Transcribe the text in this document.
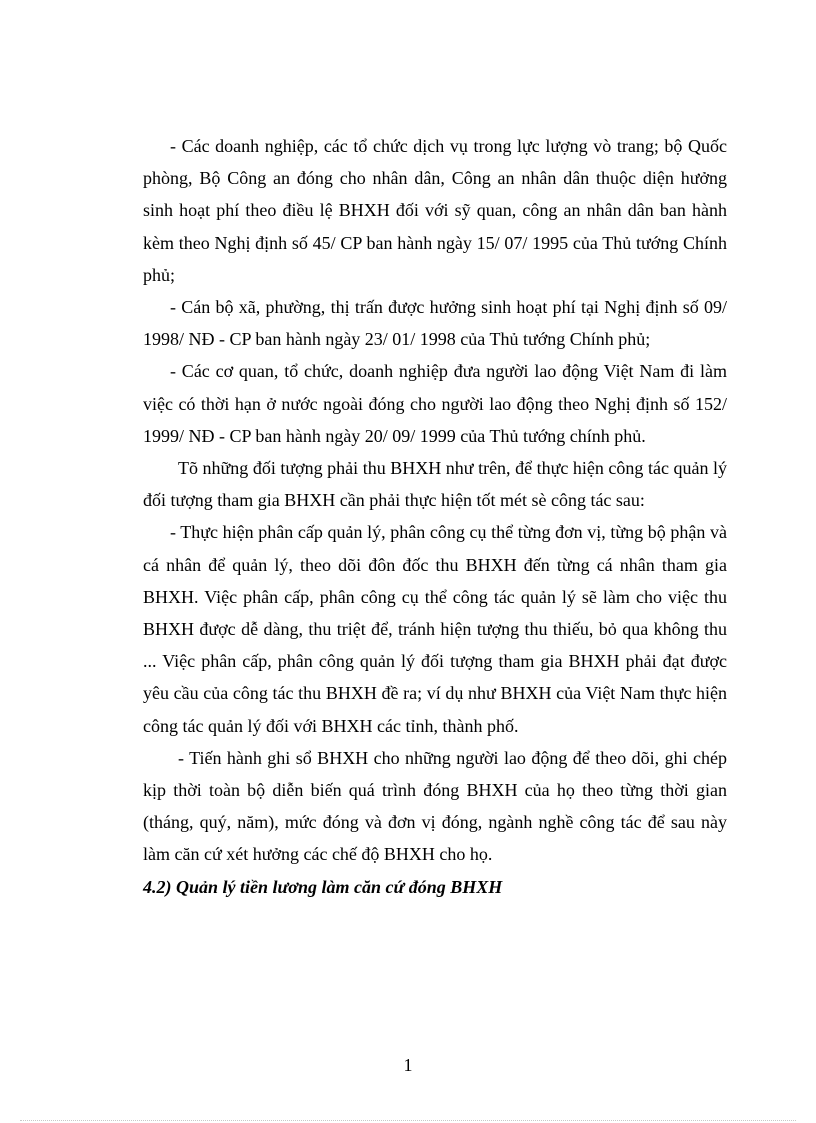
- Các doanh nghiệp, các tổ chức dịch vụ trong lực lượng vò trang; bộ Quốc phòng, Bộ Công an đóng cho nhân dân, Công an nhân dân thuộc diện hưởng sinh hoạt phí theo điều lệ BHXH đối với sỹ quan, công an nhân dân ban hành kèm theo Nghị định số 45/ CP ban hành ngày 15/ 07/ 1995 của Thủ tướng Chính phủ;

- Cán bộ xã, phường, thị trấn được hưởng sinh hoạt phí tại Nghị định số 09/ 1998/ NĐ - CP ban hành ngày 23/ 01/ 1998 của Thủ tướng Chính phủ;

- Các cơ quan, tổ chức, doanh nghiệp đưa người lao động Việt Nam đi làm việc có thời hạn ở nước ngoài đóng cho người lao động theo Nghị định số 152/ 1999/ NĐ - CP ban hành ngày 20/ 09/ 1999 của Thủ tướng chính phủ.

Tõ những đối tượng phải thu BHXH như trên, để thực hiện công tác quản lý đối tượng tham gia BHXH cần phải thực hiện tốt mét sè công tác sau:

- Thực hiện phân cấp quản lý, phân công cụ thể từng đơn vị, từng bộ phận và cá nhân để quản lý, theo dõi đôn đốc thu BHXH đến từng cá nhân tham gia BHXH. Việc phân cấp, phân công cụ thể công tác quản lý sẽ làm cho việc thu BHXH được dễ dàng, thu triệt để, tránh hiện tượng thu thiếu, bỏ qua không thu ... Việc phân cấp, phân công quản lý đối tượng tham gia BHXH phải đạt được yêu cầu của công tác thu BHXH đề ra; ví dụ như BHXH của Việt Nam thực hiện công tác quản lý đối với BHXH các tỉnh, thành phố.

- Tiến hành ghi sổ BHXH cho những người lao động để theo dõi, ghi chép kịp thời toàn bộ diễn biến quá trình đóng BHXH của họ theo từng thời gian (tháng, quý, năm), mức đóng và đơn vị đóng, ngành nghề công tác để sau này làm căn cứ xét hưởng các chế độ BHXH cho họ.

4.2) Quản lý tiền lương làm căn cứ đóng BHXH

1
